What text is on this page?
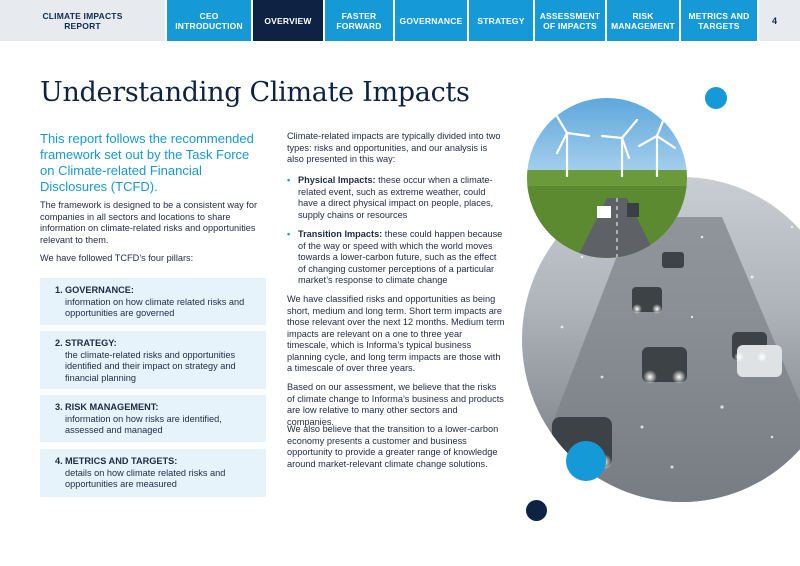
CLIMATE IMPACTS
REPORT
CEO
INTRODUCTION	OVERVIEW	FASTER
FORWARD GOVERNANCE STRATEGY ASSESSMENT
OF IMPACTS
RISK
MANAGEMENT
METRICS AND
TARGETS	4
Understanding Climate Impacts
This report follows the recommended framework set out by the Task Force on Climate-related Financial Disclosures (TCFD).
The framework is designed to be a consistent way for companies in all sectors and locations to share information on climate-related risks and opportunities relevant to them.
We have followed TCFD’s four pillars:
1. GOVERNANCE:
information on how climate related risks and opportunities are governed
2. STRATEGY:
the climate-related risks and opportunities identified and their impact on strategy and financial planning
3. RISK MANAGEMENT:
information on how risks are identified, assessed and managed
4. METRICS AND TARGETS:
details on how climate related risks and opportunities are measured
Climate-related impacts are typically divided into two types: risks and opportunities, and our analysis is also presented in this way:
• Physical Impacts: these occur when a climate-related event, such as extreme weather, could have a direct physical impact on people, places, supply chains or resources
• Transition Impacts: these could happen because of the way or speed with which the world moves towards a lower-carbon future, such as the effect of changing customer perceptions of a particular market’s response to climate change
We have classified risks and opportunities as being short, medium and long term. Short term impacts are those relevant over the next 12 months. Medium term impacts are relevant on a one to three year timescale, which is Informa’s typical business planning cycle, and long term impacts are those with a timescale of over three years.
Based on our assessment, we believe that the risks of climate change to Informa’s business and products are low relative to many other sectors and companies.
We also believe that the transition to a lower-carbon economy presents a customer and business opportunity to provide a greater range of knowledge around market-relevant climate change solutions.
